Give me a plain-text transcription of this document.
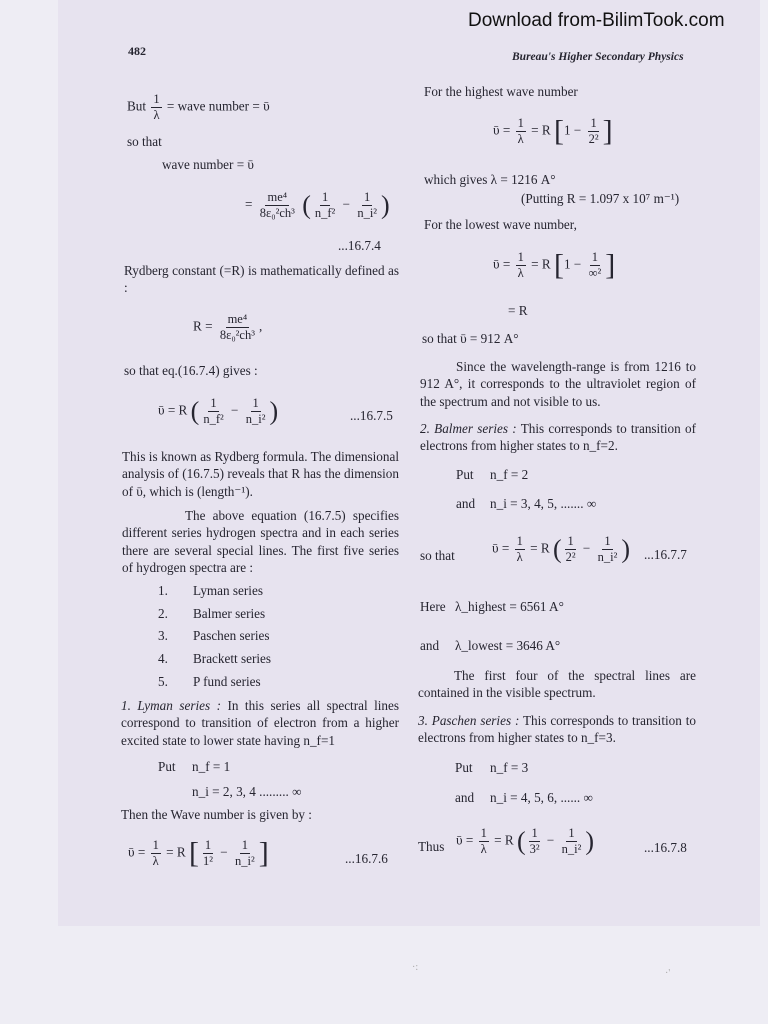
Download from-BilimTook.com
482	Bureau's Higher Secondary Physics
But $\frac{1}{\lambda}$ = wave number = ῡ
so that
wave number = ῡ
= $\frac{\text{me⁴}}{\text{8ε₀²ch³}}$ ( $\frac{1}{\text{n\_f²}} - \frac{1}{\text{n\_i²}}$ )
...16.7.4
Rydberg constant (=R) is mathematically defined as :
$R = \frac{\text{me⁴}}{\text{8ε₀²ch³}}$ ,
so that eq.(16.7.4) gives :
ῡ = R ( $\frac{1}{\text{n\_f²}} - \frac{1}{\text{n\_i²}}$ )	...16.7.5
This is known as Rydberg formula. The dimensional analysis of (16.7.5) reveals that R has the dimension of ῡ, which is (length⁻¹).
The above equation (16.7.5) specifies different series hydrogen spectra and in each series there are several special lines. The first five series of hydrogen spectra are :
1. Lyman series
2. Balmer series
3. Paschen series
4. Brackett series
5. P fund series
1. Lyman series : In this series all spectral lines correspond to transition of electron from a higher excited state to lower state having n_f=1
Put n_f = 1
n_i = 2, 3, 4 ......... ∞
Then the Wave number is given by :
ῡ = $\frac{1}{\lambda} = R$ [ $\frac{1}{\text{1²}} - \frac{1}{\text{n\_i²}}$ ]	...16.7.6
For the highest wave number
ῡ = $\frac{1}{\lambda} = R$ [$1 - \frac{1}{\text{2²}}$ ]
which gives λ = 1216 A°
(Putting R = 1.097 x 10⁷ m⁻¹)
For the lowest wave number,
ῡ = $\frac{1}{\lambda} = R$ [$1 - \frac{1}{\text{∞²}}$ ]
= R
so that ῡ = 912 A°
Since the wavelength-range is from 1216 to 912 A°, it corresponds to the ultraviolet region of the spectrum and not visible to us.
2. Balmer series : This corresponds to transition of electrons from higher states to n_f=2.
Put n_f = 2
and n_i = 3, 4, 5, ....... ∞
so that	ῡ = $\frac{1}{\lambda} = R$ ( $\frac{1}{\text{2²}} - \frac{1}{\text{n\_i²}}$ ) ...16.7.7
Here λ_highest = 6561 A°
and λ_lowest = 3646 A°
The first four of the spectral lines are contained in the visible spectrum.
3. Paschen series : This corresponds to transition to electrons from higher states to n_f=3.
Put n_f = 3
and n_i = 4, 5, 6, ...... ∞
Thus ῡ = $\frac{1}{\lambda} = R$ ( $\frac{1}{\text{3²}} - \frac{1}{\text{n\_i²}}$ )	...16.7.8
·:
·'
